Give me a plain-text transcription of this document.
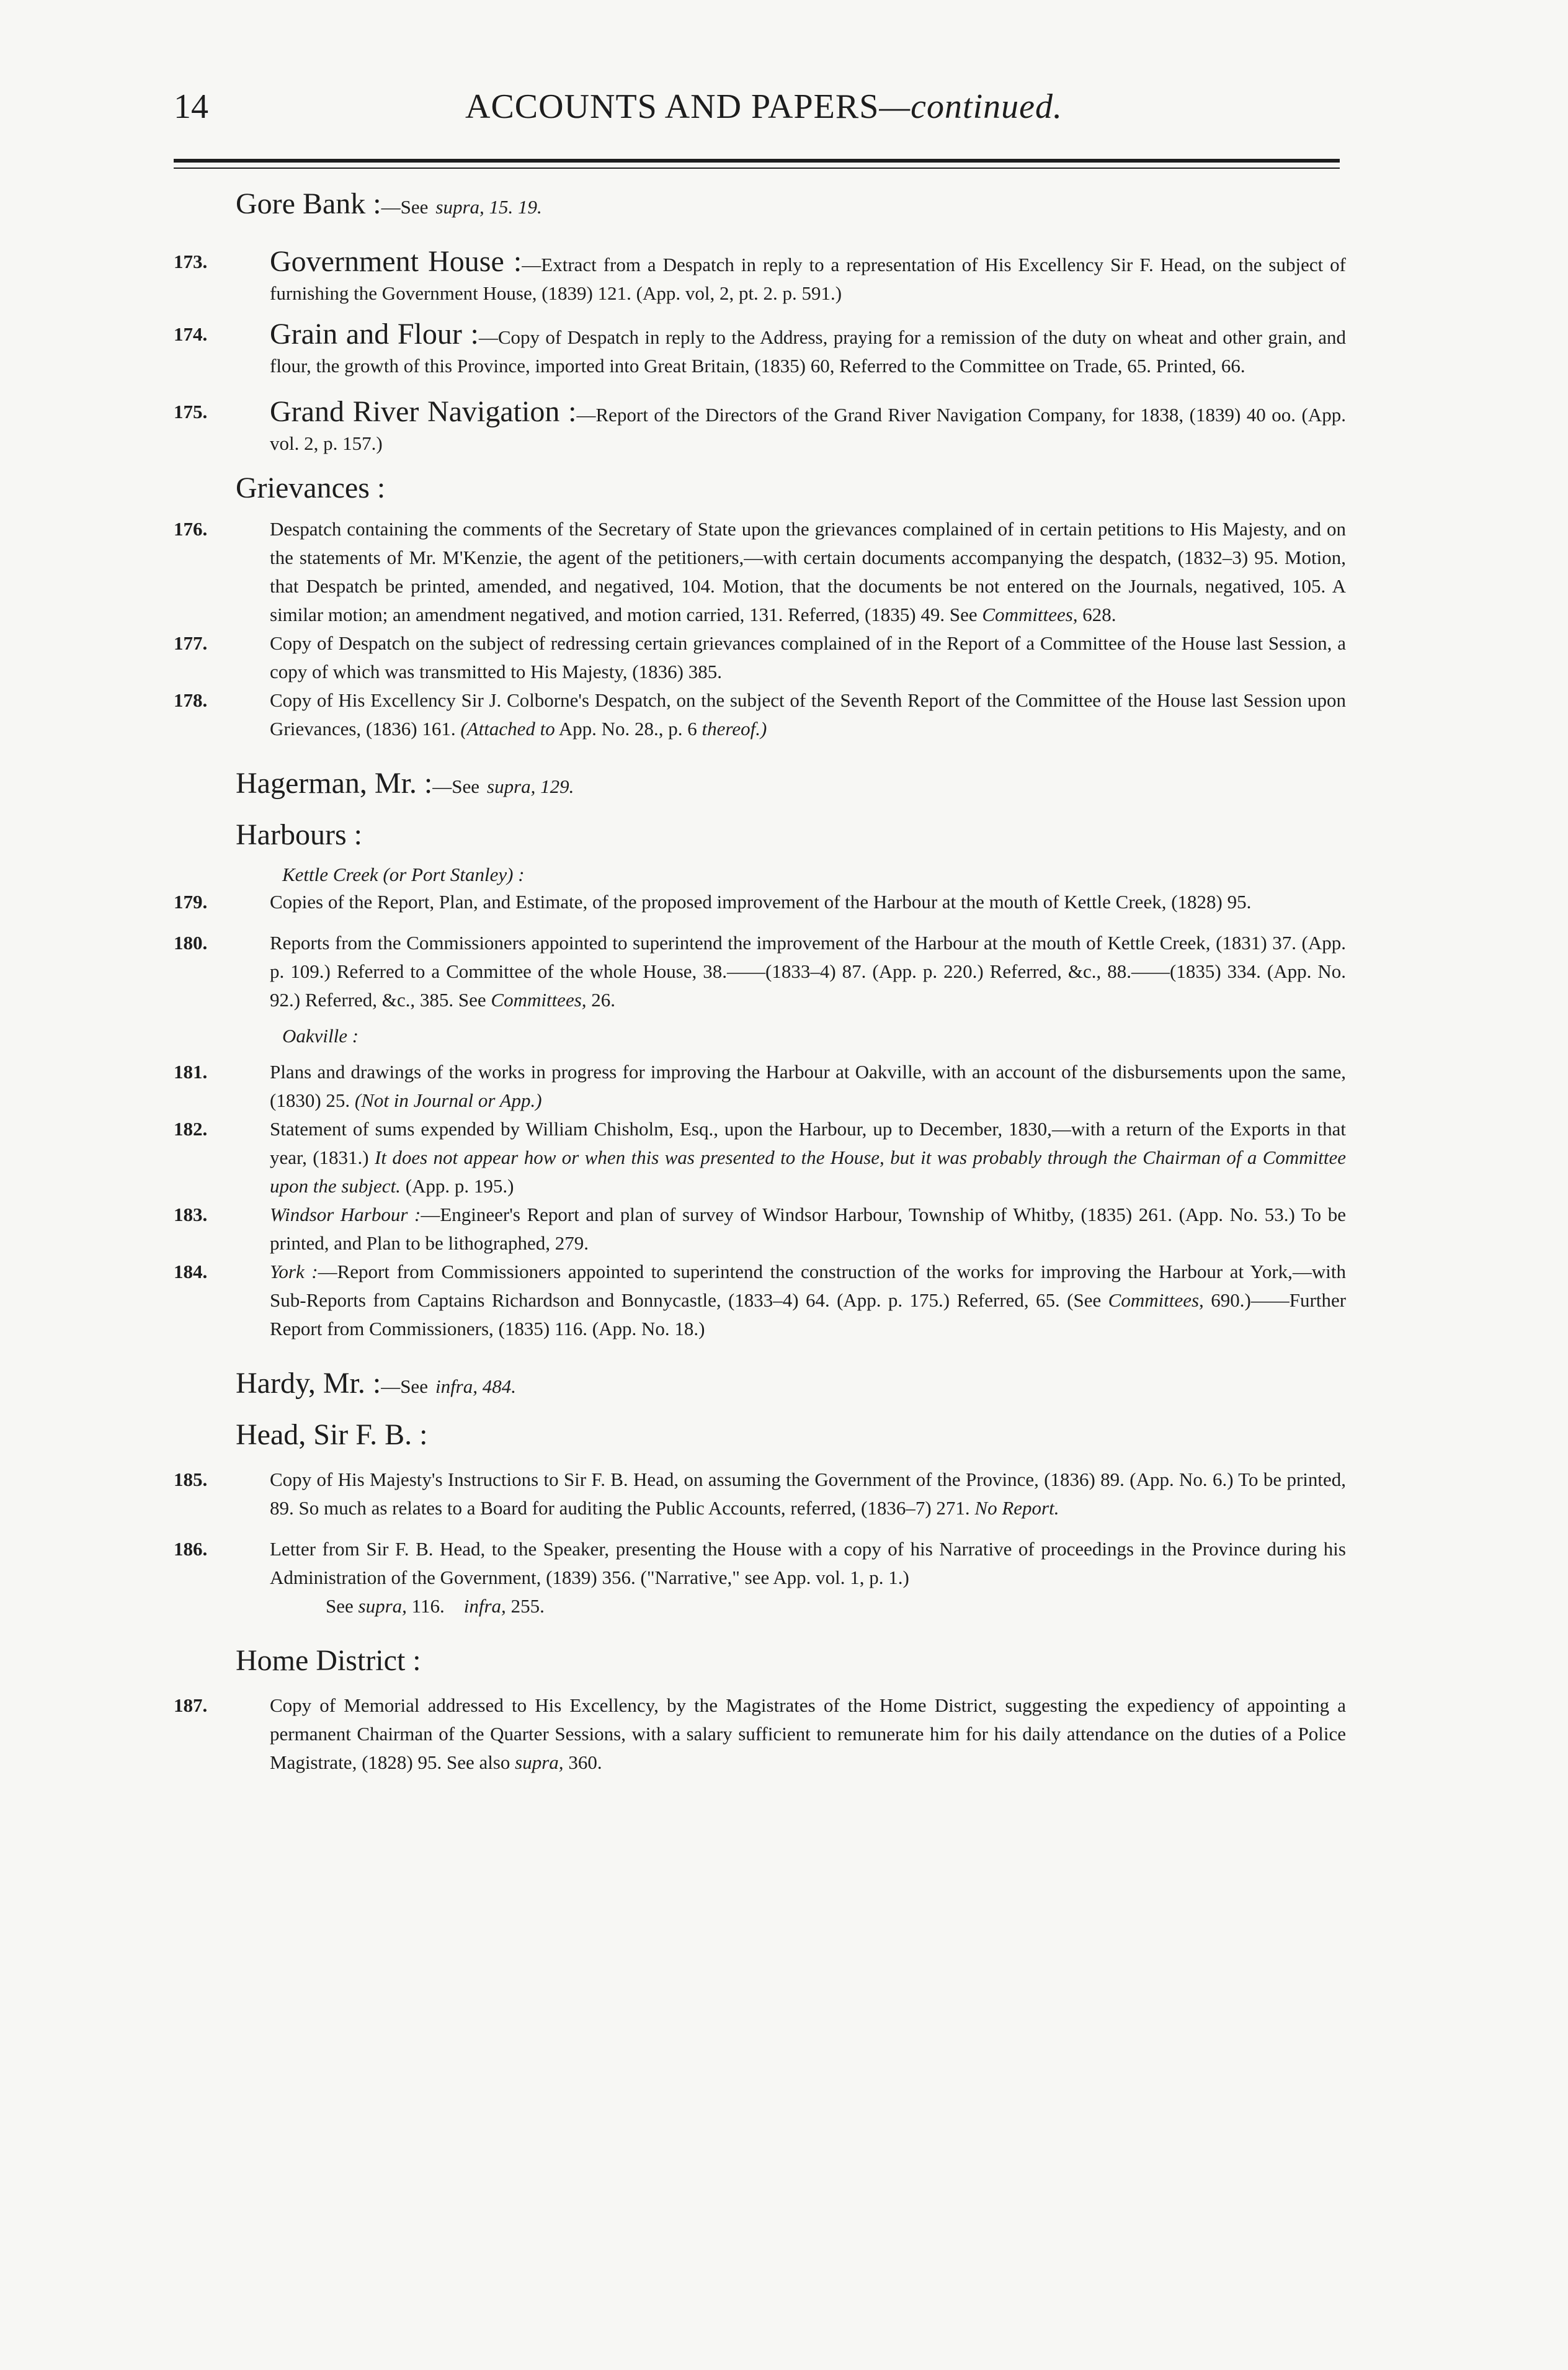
14	ACCOUNTS AND PAPERS—continued.
Gore Bank :—See supra, 15. 19.
173. Government House :—Extract from a Despatch in reply to a representation of His Excellency Sir F. Head, on the subject of furnishing the Government House, (1839) 121. (App. vol, 2, pt. 2. p. 591.)
174. Grain and Flour :—Copy of Despatch in reply to the Address, praying for a remission of the duty on wheat and other grain, and flour, the growth of this Province, imported into Great Britain, (1835) 60, Referred to the Committee on Trade, 65. Printed, 66.
175. Grand River Navigation :—Report of the Directors of the Grand River Navigation Company, for 1838, (1839) 40 oo. (App. vol. 2, p. 157.)
Grievances :
176.	Despatch containing the comments of the Secretary of State upon the grievances complained of in certain petitions to His Majesty, and on the statements of Mr. M'Kenzie, the agent of the petitioners,—with certain documents accompanying the despatch, (1832–3) 95. Motion, that Despatch be printed, amended, and negatived, 104. Motion, that the documents be not entered on the Journals, negatived, 105. A similar motion; an amendment negatived, and motion carried, 131. Referred, (1835) 49. See Committees, 628.
177.	Copy of Despatch on the subject of redressing certain grievances complained of in the Report of a Committee of the House last Session, a copy of which was transmitted to His Majesty, (1836) 385.
178.	Copy of His Excellency Sir J. Colborne's Despatch, on the subject of the Seventh Report of the Committee of the House last Session upon Grievances, (1836) 161. (Attached to App. No. 28., p. 6 thereof.)
Hagerman, Mr. :—See supra, 129.
Harbours :
Kettle Creek (or Port Stanley) :
179.	Copies of the Report, Plan, and Estimate, of the proposed improvement of the Harbour at the mouth of Kettle Creek, (1828) 95.
180.	Reports from the Commissioners appointed to superintend the improvement of the Harbour at the mouth of Kettle Creek, (1831) 37. (App. p. 109.) Referred to a Committee of the whole House, 38.——(1833–4) 87. (App. p. 220.) Referred, &c., 88.——(1835) 334. (App. No. 92.) Referred, &c., 385. See Committees, 26.
Oakville :
181.	Plans and drawings of the works in progress for improving the Harbour at Oakville, with an account of the disbursements upon the same, (1830) 25. (Not in Journal or App.)
182.	Statement of sums expended by William Chisholm, Esq., upon the Harbour, up to December, 1830,—with a return of the Exports in that year, (1831.) It does not appear how or when this was presented to the House, but it was probably through the Chairman of a Committee upon the subject. (App. p. 195.)
183.	Windsor Harbour :—Engineer's Report and plan of survey of Windsor Harbour, Township of Whitby, (1835) 261. (App. No. 53.) To be printed, and Plan to be lithographed, 279.
184.	York :—Report from Commissioners appointed to superintend the construction of the works for improving the Harbour at York,—with Sub-Reports from Captains Richardson and Bonnycastle, (1833–4) 64. (App. p. 175.) Referred, 65. (See Committees, 690.)——Further Report from Commissioners, (1835) 116. (App. No. 18.)
Hardy, Mr. :—See infra, 484.
Head, Sir F. B. :
185.	Copy of His Majesty's Instructions to Sir F. B. Head, on assuming the Government of the Province, (1836) 89. (App. No. 6.) To be printed, 89. So much as relates to a Board for auditing the Public Accounts, referred, (1836–7) 271. No Report.
186.	Letter from Sir F. B. Head, to the Speaker, presenting the House with a copy of his Narrative of proceedings in the Province during his Administration of the Government, (1839) 356. ("Narrative," see App. vol. 1, p. 1.)
See supra, 116. infra, 255.
Home District :
187.	Copy of Memorial addressed to His Excellency, by the Magistrates of the Home District, suggesting the expediency of appointing a permanent Chairman of the Quarter Sessions, with a salary sufficient to remunerate him for his daily attendance on the duties of a Police Magistrate, (1828) 95. See also supra, 360.
